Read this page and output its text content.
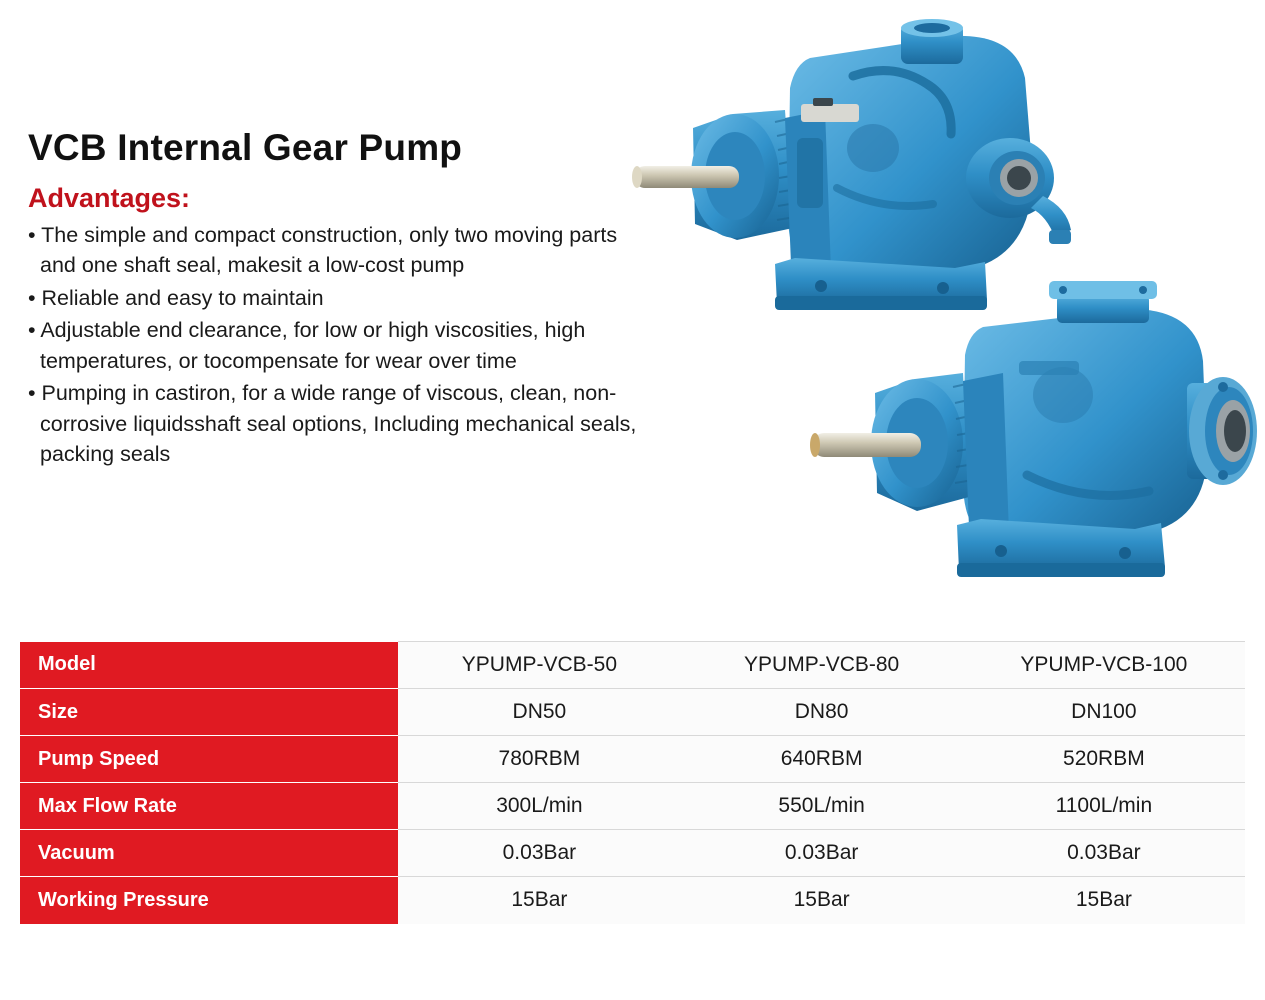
VCB Internal Gear Pump
Advantages:
• The simple and compact construction, only two moving parts and one shaft seal, makesit a low-cost pump
• Reliable and easy to maintain
• Adjustable end clearance, for low or high viscosities, high temperatures, or tocompensate for wear over time
• Pumping in castiron, for a wide range of viscous, clean, non- corrosive liquidsshaft seal options, Including mechanical seals, packing seals
Model	YPUMP-VCB-50	YPUMP-VCB-80	YPUMP-VCB-100
Size	DN50	DN80	DN100
Pump Speed	780RBM	640RBM	520RBM
Max Flow Rate	300L/min	550L/min	1100L/min
Vacuum	0.03Bar	0.03Bar	0.03Bar
Working Pressure	15Bar	15Bar	15Bar
